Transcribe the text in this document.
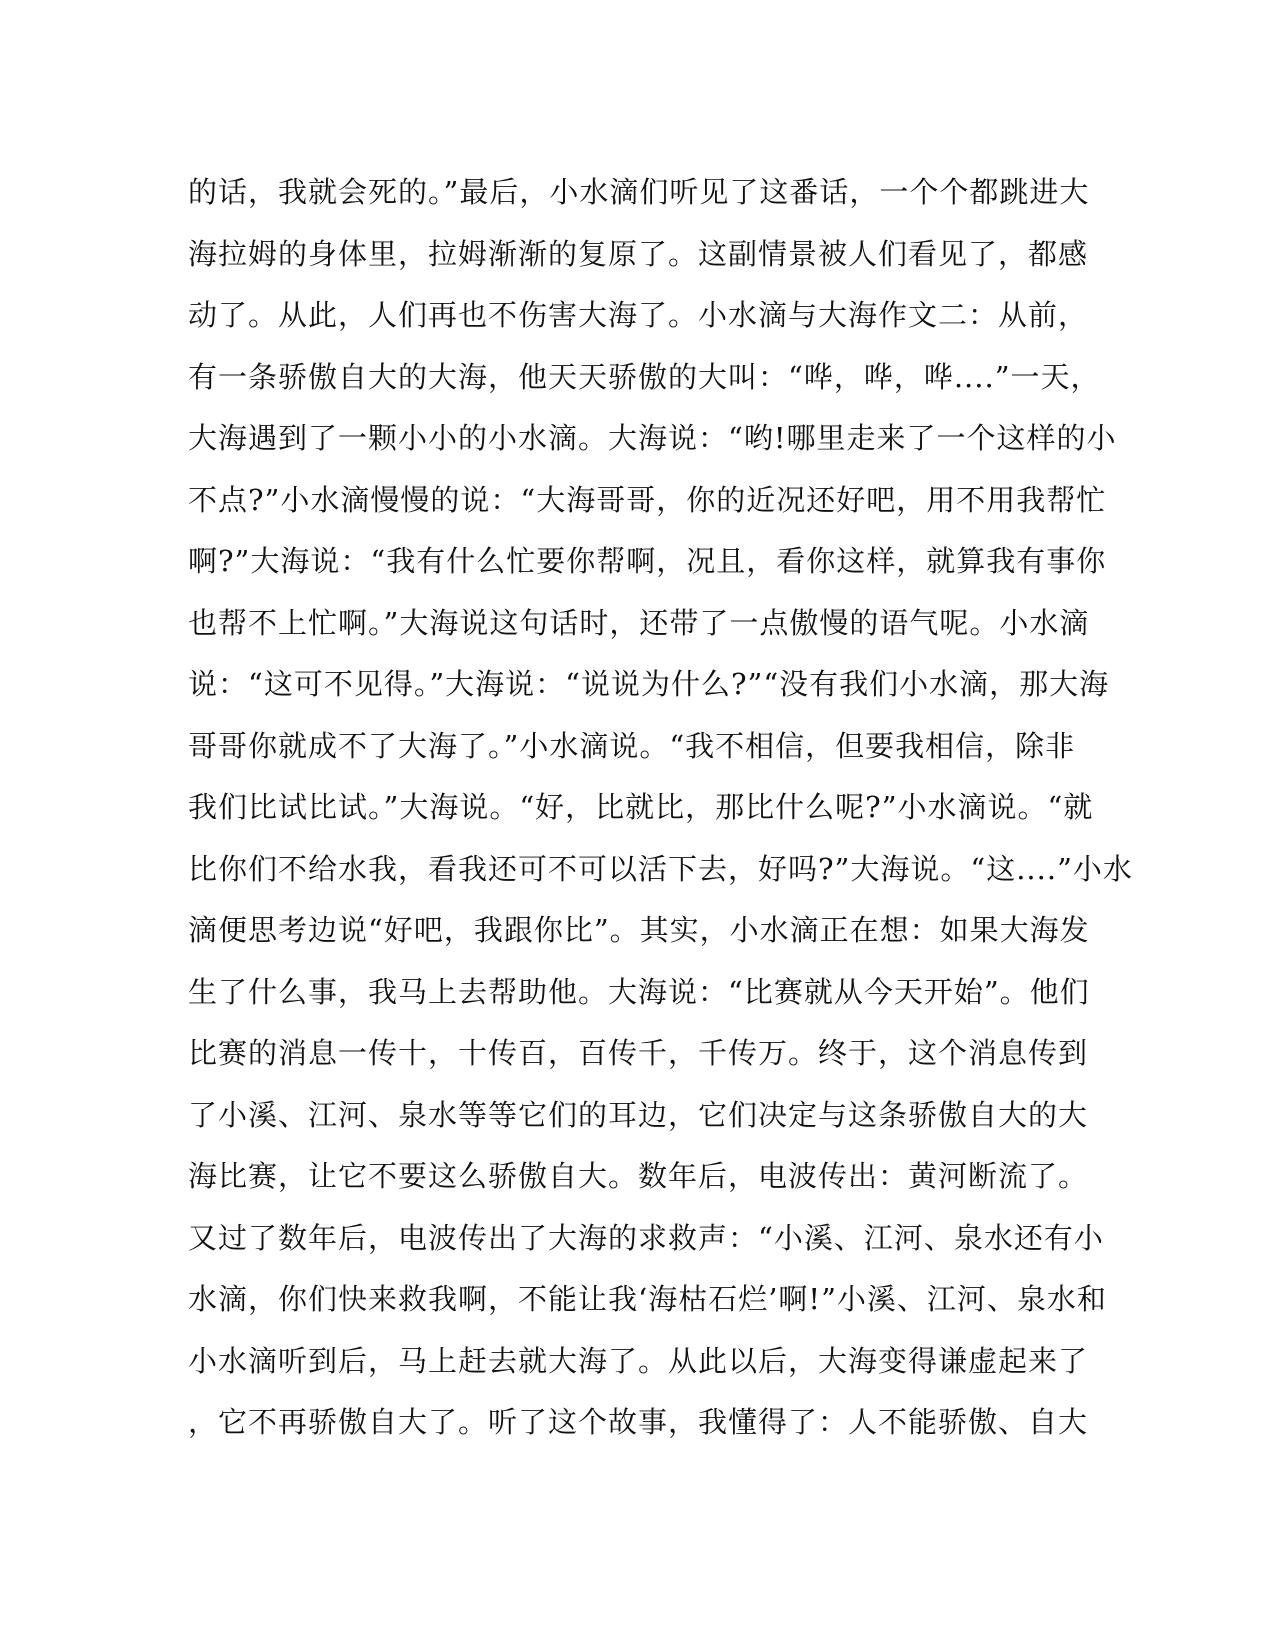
的话，我就会死的。”最后，小水滴们听见了这番话，一个个都跳进大
海拉姆的身体里，拉姆渐渐的复原了。这副情景被人们看见了，都感
动了。从此，人们再也不伤害大海了。小水滴与大海作文二：从前，
有一条骄傲自大的大海，他天天骄傲的大叫：“哗，哗，哗....”一天，
大海遇到了一颗小小的小水滴。大海说：“哟!哪里走来了一个这样的小
不点?”小水滴慢慢的说：“大海哥哥，你的近况还好吧，用不用我帮忙
啊?”大海说：“我有什么忙要你帮啊，况且，看你这样，就算我有事你
也帮不上忙啊。”大海说这句话时，还带了一点傲慢的语气呢。小水滴
说：“这可不见得。”大海说：“说说为什么?”“没有我们小水滴，那大海
哥哥你就成不了大海了。”小水滴说。“我不相信，但要我相信，除非
我们比试比试。”大海说。“好，比就比，那比什么呢?”小水滴说。“就
比你们不给水我，看我还可不可以活下去，好吗?”大海说。“这....”小水
滴便思考边说“好吧，我跟你比”。其实，小水滴正在想：如果大海发
生了什么事，我马上去帮助他。大海说：“比赛就从今天开始”。他们
比赛的消息一传十，十传百，百传千，千传万。终于，这个消息传到
了小溪、江河、泉水等等它们的耳边，它们决定与这条骄傲自大的大
海比赛，让它不要这么骄傲自大。数年后，电波传出：黄河断流了。
又过了数年后，电波传出了大海的求救声：“小溪、江河、泉水还有小
水滴，你们快来救我啊，不能让我‘海枯石烂’啊!”小溪、江河、泉水和
小水滴听到后，马上赶去就大海了。从此以后，大海变得谦虚起来了
，它不再骄傲自大了。听了这个故事，我懂得了：人不能骄傲、自大
